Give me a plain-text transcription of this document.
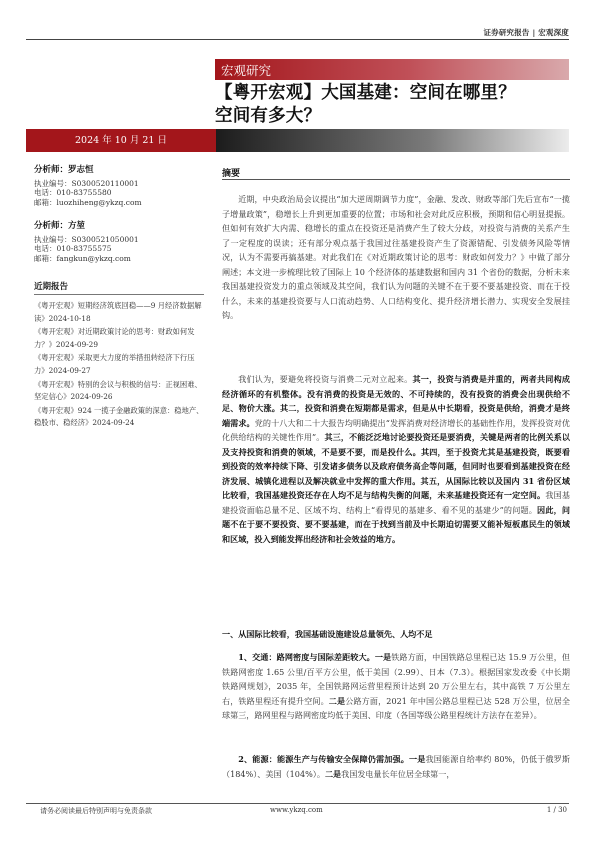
证券研究报告 | 宏观深度
宏观研究
【粤开宏观】大国基建：空间在哪里？
空间有多大？
2024 年 10 月 21 日
分析师：罗志恒
执业编号：S0300520110001
电话：010-83755580
邮箱：luozhiheng@ykzq.com
分析师：方堃
执业编号：S0300521050001
电话：010-83755575
邮箱：fangkun@ykzq.com
近期报告
《粤开宏观》短期经济筑底回稳——9 月经济数据解读》2024-10-18
《粤开宏观》对近期政策讨论的思考：财政如何发力？》2024-09-29
《粤开宏观》采取更大力度的举措扭转经济下行压力》2024-09-27
《粤开宏观》特别的会议与积极的信号：正视困难、坚定信心》2024-09-26
《粤开宏观》924 一揽子金融政策的深意：稳地产、稳股市、稳经济》2024-09-24
摘要

近期，中央政治局会议提出“加大逆周期调节力度”，金融、发改、财政等部门先后宣布“一揽子增量政策”，稳增长上升到更加重要的位置；市场和社会对此反应积极，预期和信心明显提振。但如何有效扩大内需、稳增长的重点在投资还是消费产生了较大分歧，对投资与消费的关系产生了一定程度的误读；还有部分观点基于我国过往基建投资产生了资源错配、引发债务风险等情况，认为不需要再搞基建。对此我们在《对近期政策讨论的思考：财政如何发力？》中做了部分阐述；本文进一步梳理比较了国际上 10 个经济体的基建数据和国内 31 个省份的数据，分析未来我国基建投资发力的重点领域及其空间，我们认为问题的关键不在于要不要基建投资、而在于投什么，未来的基建投资要与人口流动趋势、人口结构变化、提升经济增长潜力、实现安全发展挂钩。

我们认为，要避免将投资与消费二元对立起来。其一，投资与消费是并重的，两者共同构成经济循环的有机整体。没有消费的投资是无效的、不可持续的，没有投资的消费会出现供给不足、物价大涨。其二，投资和消费在短期都是需求，但是从中长期看，投资是供给，消费才是终端需求。党的十八大和二十大报告均明确提出“发挥消费对经济增长的基础性作用，发挥投资对优化供给结构的关键性作用”。其三，不能泛泛地讨论要投资还是要消费，关键是两者的比例关系以及支持投资和消费的领域，不是要不要，而是投什么。其四，至于投资尤其是基建投资，既要看到投资的效率持续下降、引发诸多债务以及政府债务高企等问题，但同时也要看到基建投资在经济发展、城镇化进程以及解决就业中发挥的重大作用。其五，从国际比较以及国内 31 省份区域比较看，我国基建投资还存在人均不足与结构失衡的问题，未来基建投资还有一定空间。我国基建投资面临总量不足、区域不均、结构上“看得见的基建多、看不见的基建少”的问题。因此，问题不在于要不要投资、要不要基建，而在于找到当前及中长期迫切需要又能补短板惠民生的领域和区域，投入到能发挥出经济和社会效益的地方。

一、从国际比较看，我国基础设施建设总量领先、人均不足

1、交通：路网密度与国际差距较大。一是铁路方面，中国铁路总里程已达 15.9 万公里，但铁路网密度 1.65 公里/百平方公里，低于美国（2.99）、日本（7.3）。根据国家发改委《中长期铁路网规划》，2035 年，全国铁路网运营里程预计达到 20 万公里左右，其中高铁 7 万公里左右，铁路里程还有提升空间。二是公路方面，2021 年中国公路总里程已达 528 万公里，位居全球第三，路网里程与路网密度均低于美国、印度（各国等级公路里程统计方法存在差异）。

2、能源：能源生产与传输安全保障仍需加强。一是我国能源自给率约 80%，仍低于俄罗斯（184%）、美国（104%）。二是我国发电量长年位居全球第一，

请务必阅读最后特别声明与免责条款	www.ykzq.com	1 / 30
